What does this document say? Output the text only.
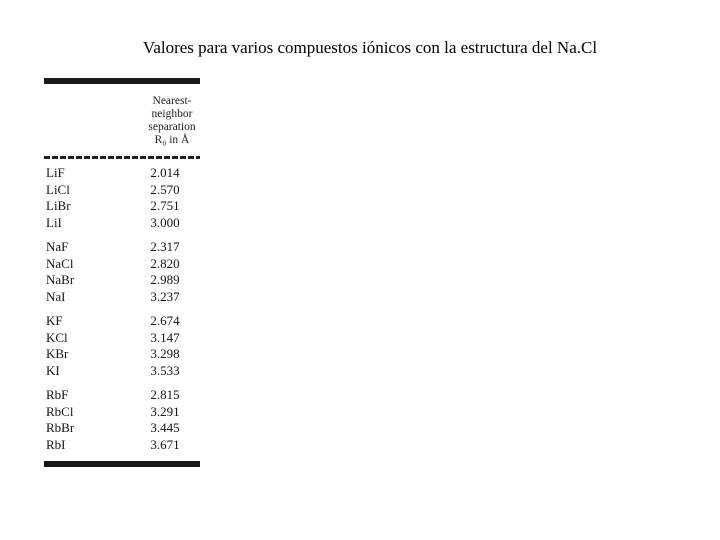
Valores para varios compuestos iónicos con la estructura del Na.Cl
Nearest-
neighbor
separation
R₀ in Å
LiF	2.014
LiCl	2.570
LiBr	2.751
LiI	3.000
NaF	2.317
NaCl	2.820
NaBr	2.989
NaI	3.237
KF	2.674
KCl	3.147
KBr	3.298
KI	3.533
RbF	2.815
RbCl	3.291
RbBr	3.445
RbI	3.671
